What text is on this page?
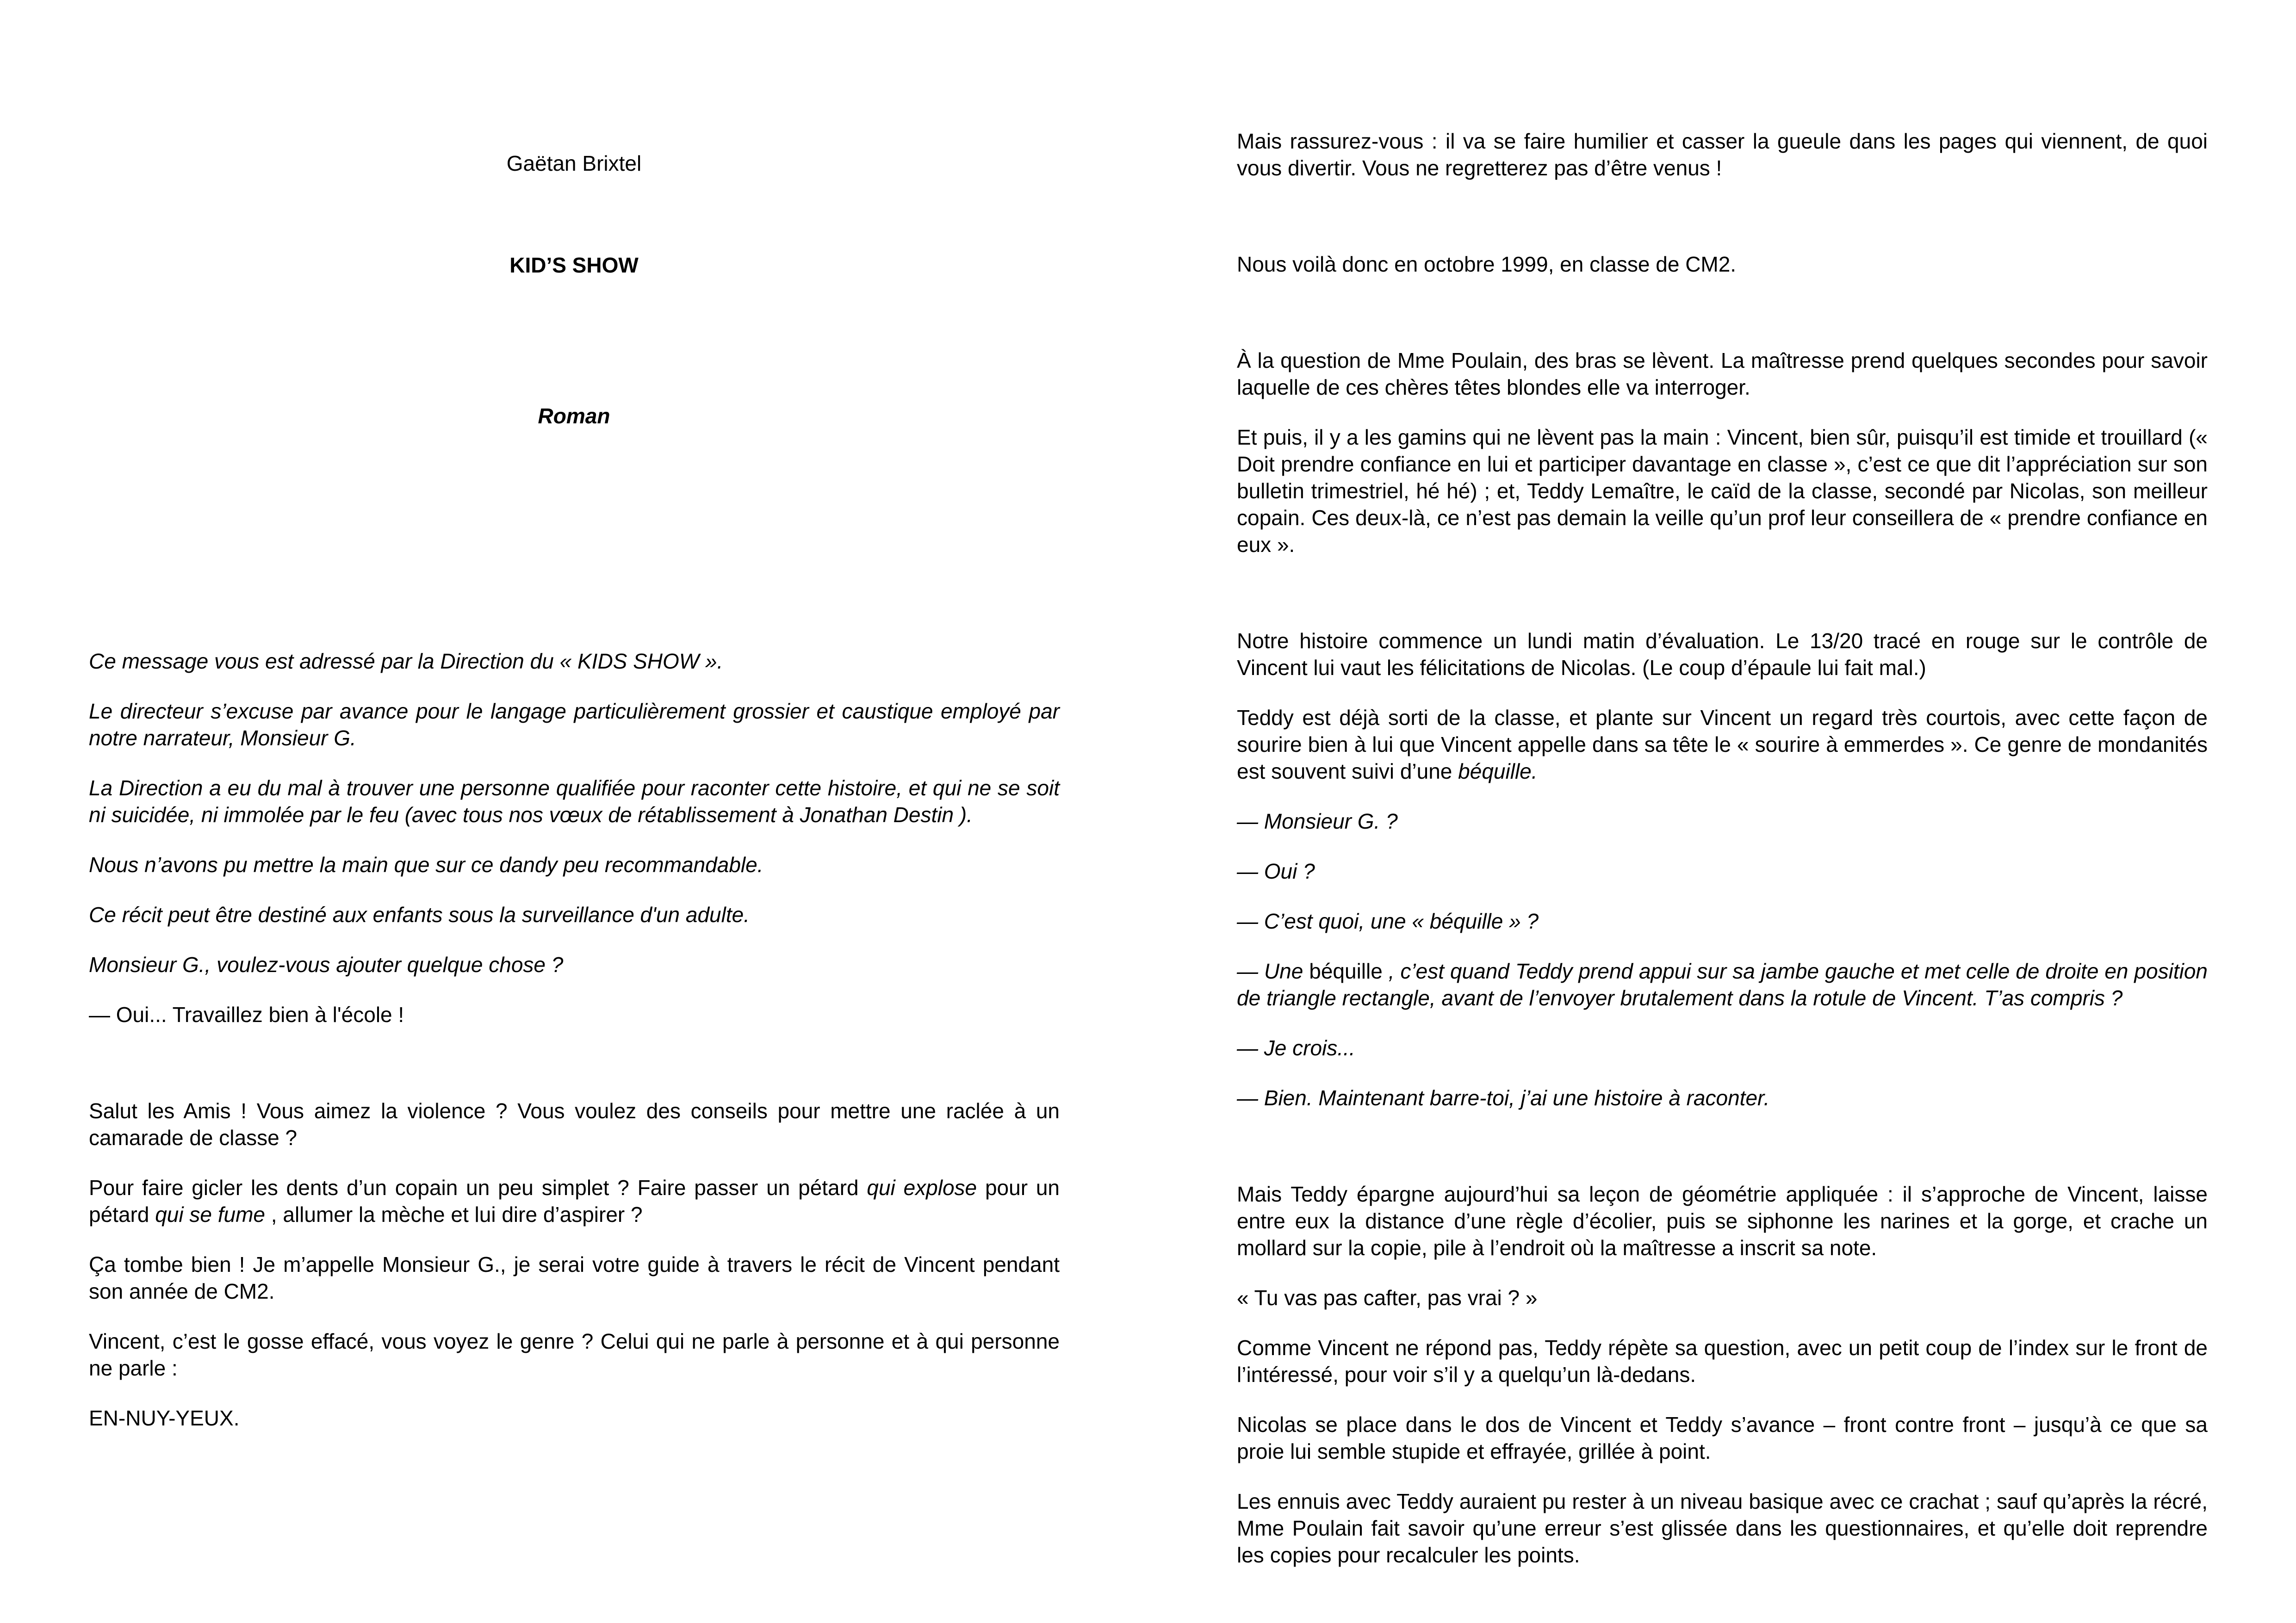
Gaëtan Brixtel

KID’S SHOW

Roman

Ce message vous est adressé par la Direction du « KIDS SHOW ».

Le directeur s’excuse par avance pour le langage particulièrement grossier et caustique employé par notre narrateur, Monsieur G.

La Direction a eu du mal à trouver une personne qualifiée pour raconter cette histoire, et qui ne se soit ni suicidée, ni immolée par le feu (avec tous nos vœux de rétablissement à Jonathan Destin ).

Nous n’avons pu mettre la main que sur ce dandy peu recommandable.

Ce récit peut être destiné aux enfants sous la surveillance d'un adulte.

Monsieur G., voulez-vous ajouter quelque chose ?

— Oui... Travaillez bien à l'école !

Salut les Amis ! Vous aimez la violence ? Vous voulez des conseils pour mettre une raclée à un camarade de classe ?

Pour faire gicler les dents d’un copain un peu simplet ? Faire passer un pétard qui explose pour un pétard qui se fume , allumer la mèche et lui dire d’aspirer ?

Ça tombe bien ! Je m’appelle Monsieur G., je serai votre guide à travers le récit de Vincent pendant son année de CM2.

Vincent, c’est le gosse effacé, vous voyez le genre ? Celui qui ne parle à personne et à qui personne ne parle :

EN-NUY-YEUX.

Mais rassurez-vous : il va se faire humilier et casser la gueule dans les pages qui viennent, de quoi vous divertir. Vous ne regretterez pas d’être venus !

Nous voilà donc en octobre 1999, en classe de CM2.

À la question de Mme Poulain, des bras se lèvent. La maîtresse prend quelques secondes pour savoir laquelle de ces chères têtes blondes elle va interroger.

Et puis, il y a les gamins qui ne lèvent pas la main : Vincent, bien sûr, puisqu’il est timide et trouillard (« Doit prendre confiance en lui et participer davantage en classe », c’est ce que dit l’appréciation sur son bulletin trimestriel, hé hé) ; et, Teddy Lemaître, le caïd de la classe, secondé par Nicolas, son meilleur copain. Ces deux-là, ce n’est pas demain la veille qu’un prof leur conseillera de « prendre confiance en eux ».

Notre histoire commence un lundi matin d’évaluation. Le 13/20 tracé en rouge sur le contrôle de Vincent lui vaut les félicitations de Nicolas. (Le coup d’épaule lui fait mal.)

Teddy est déjà sorti de la classe, et plante sur Vincent un regard très courtois, avec cette façon de sourire bien à lui que Vincent appelle dans sa tête le « sourire à emmerdes ». Ce genre de mondanités est souvent suivi d’une béquille.

— Monsieur G. ?

— Oui ?

— C’est quoi, une « béquille » ?

— Une béquille , c’est quand Teddy prend appui sur sa jambe gauche et met celle de droite en position de triangle rectangle, avant de l’envoyer brutalement dans la rotule de Vincent. T’as compris ?

— Je crois...

— Bien. Maintenant barre-toi, j’ai une histoire à raconter.

Mais Teddy épargne aujourd’hui sa leçon de géométrie appliquée : il s’approche de Vincent, laisse entre eux la distance d’une règle d’écolier, puis se siphonne les narines et la gorge, et crache un mollard sur la copie, pile à l’endroit où la maîtresse a inscrit sa note.

« Tu vas pas cafter, pas vrai ? »

Comme Vincent ne répond pas, Teddy répète sa question, avec un petit coup de l’index sur le front de l’intéressé, pour voir s’il y a quelqu’un là-dedans.

Nicolas se place dans le dos de Vincent et Teddy s’avance – front contre front – jusqu’à ce que sa proie lui semble stupide et effrayée, grillée à point.

Les ennuis avec Teddy auraient pu rester à un niveau basique avec ce crachat ; sauf qu’après la récré, Mme Poulain fait savoir qu’une erreur s’est glissée dans les questionnaires, et qu’elle doit reprendre les copies pour recalculer les points.
